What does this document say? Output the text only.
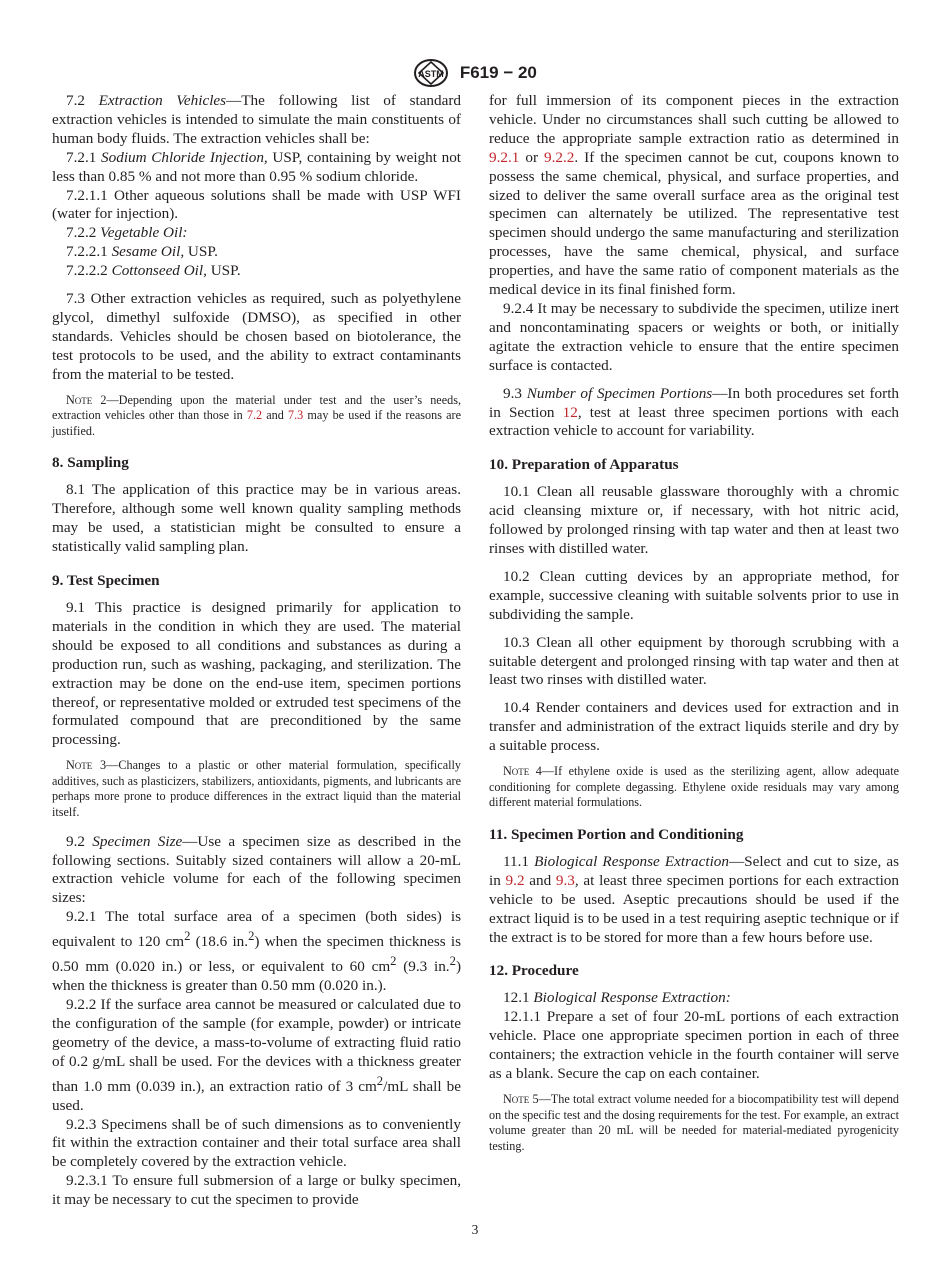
ASTM F619 − 20

7.2 Extraction Vehicles—The following list of standard extraction vehicles is intended to simulate the main constituents of human body fluids. The extraction vehicles shall be:

7.2.1 Sodium Chloride Injection, USP, containing by weight not less than 0.85 % and not more than 0.95 % sodium chloride.

7.2.1.1 Other aqueous solutions shall be made with USP WFI (water for injection).

7.2.2 Vegetable Oil:

7.2.2.1 Sesame Oil, USP.

7.2.2.2 Cottonseed Oil, USP.

7.3 Other extraction vehicles as required, such as polyethylene glycol, dimethyl sulfoxide (DMSO), as specified in other standards. Vehicles should be chosen based on biotolerance, the test protocols to be used, and the ability to extract contaminants from the material to be tested.

Note 2—Depending upon the material under test and the user’s needs, extraction vehicles other than those in 7.2 and 7.3 may be used if the reasons are justified.
8. Sampling

8.1 The application of this practice may be in various areas. Therefore, although some well known quality sampling methods may be used, a statistician might be consulted to ensure a statistically valid sampling plan.

9. Test Specimen

9.1 This practice is designed primarily for application to materials in the condition in which they are used. The material should be exposed to all conditions and substances as during a production run, such as washing, packaging, and sterilization. The extraction may be done on the end-use item, specimen portions thereof, or representative molded or extruded test specimens of the formulated compound that are preconditioned by the same processing.

Note 3—Changes to a plastic or other material formulation, specifically additives, such as plasticizers, stabilizers, antioxidants, pigments, and lubricants are perhaps more prone to produce differences in the extract liquid than the material itself.

9.2 Specimen Size—Use a specimen size as described in the following sections. Suitably sized containers will allow a 20-mL extraction vehicle volume for each of the following specimen sizes:

9.2.1 The total surface area of a specimen (both sides) is equivalent to 120 $cm^2$ (18.6 in.$^2$) when the specimen thickness is 0.50 mm (0.020 in.) or less, or equivalent to 60 $cm^2$ (9.3 in.$^2$) when the thickness is greater than 0.50 mm (0.020 in.).

9.2.2 If the surface area cannot be measured or calculated due to the configuration of the sample (for example, powder) or intricate geometry of the device, a mass-to-volume of extracting fluid ratio of 0.2 g/mL shall be used. For the devices with a thickness greater than 1.0 mm (0.039 in.), an extraction ratio of 3 $cm^2/mL$ shall be used.

9.2.3 Specimens shall be of such dimensions as to conveniently fit within the extraction container and their total surface area shall be completely covered by the extraction vehicle.

9.2.3.1 To ensure full submersion of a large or bulky specimen, it may be necessary to cut the specimen to provide

for full immersion of its component pieces in the extraction vehicle. Under no circumstances shall such cutting be allowed to reduce the appropriate sample extraction ratio as determined in 9.2.1 or 9.2.2. If the specimen cannot be cut, coupons known to possess the same chemical, physical, and surface properties, and sized to deliver the same overall surface area as the original test specimen can alternately be utilized. The representative test specimen should undergo the same manufacturing and sterilization processes, have the same chemical, physical, and surface properties, and have the same ratio of component materials as the medical device in its final finished form.

9.2.4 It may be necessary to subdivide the specimen, utilize inert and noncontaminating spacers or weights or both, or initially agitate the extraction vehicle to ensure that the entire specimen surface is contacted.

9.3 Number of Specimen Portions—In both procedures set forth in Section 12, test at least three specimen portions with each extraction vehicle to account for variability.

10. Preparation of Apparatus

10.1 Clean all reusable glassware thoroughly with a chromic acid cleansing mixture or, if necessary, with hot nitric acid, followed by prolonged rinsing with tap water and then at least two rinses with distilled water.

10.2 Clean cutting devices by an appropriate method, for example, successive cleaning with suitable solvents prior to use in subdividing the sample.

10.3 Clean all other equipment by thorough scrubbing with a suitable detergent and prolonged rinsing with tap water and then at least two rinses with distilled water.

10.4 Render containers and devices used for extraction and in transfer and administration of the extract liquids sterile and dry by a suitable process.

Note 4—If ethylene oxide is used as the sterilizing agent, allow adequate conditioning for complete degassing. Ethylene oxide residuals may vary among different material formulations.
11. Specimen Portion and Conditioning

11.1 Biological Response Extraction—Select and cut to size, as in 9.2 and 9.3, at least three specimen portions for each extraction vehicle to be used. Aseptic precautions should be used if the extract liquid is to be used in a test requiring aseptic technique or if the extract is to be stored for more than a few hours before use.

12. Procedure

12.1 Biological Response Extraction:

12.1.1 Prepare a set of four 20-mL portions of each extraction vehicle. Place one appropriate specimen portion in each of three containers; the extraction vehicle in the fourth container will serve as a blank. Secure the cap on each container.

Note 5—The total extract volume needed for a biocompatibility test will depend on the specific test and the dosing requirements for the test. For example, an extract volume greater than 20 mL will be needed for material-mediated pyrogenicity testing.
3
